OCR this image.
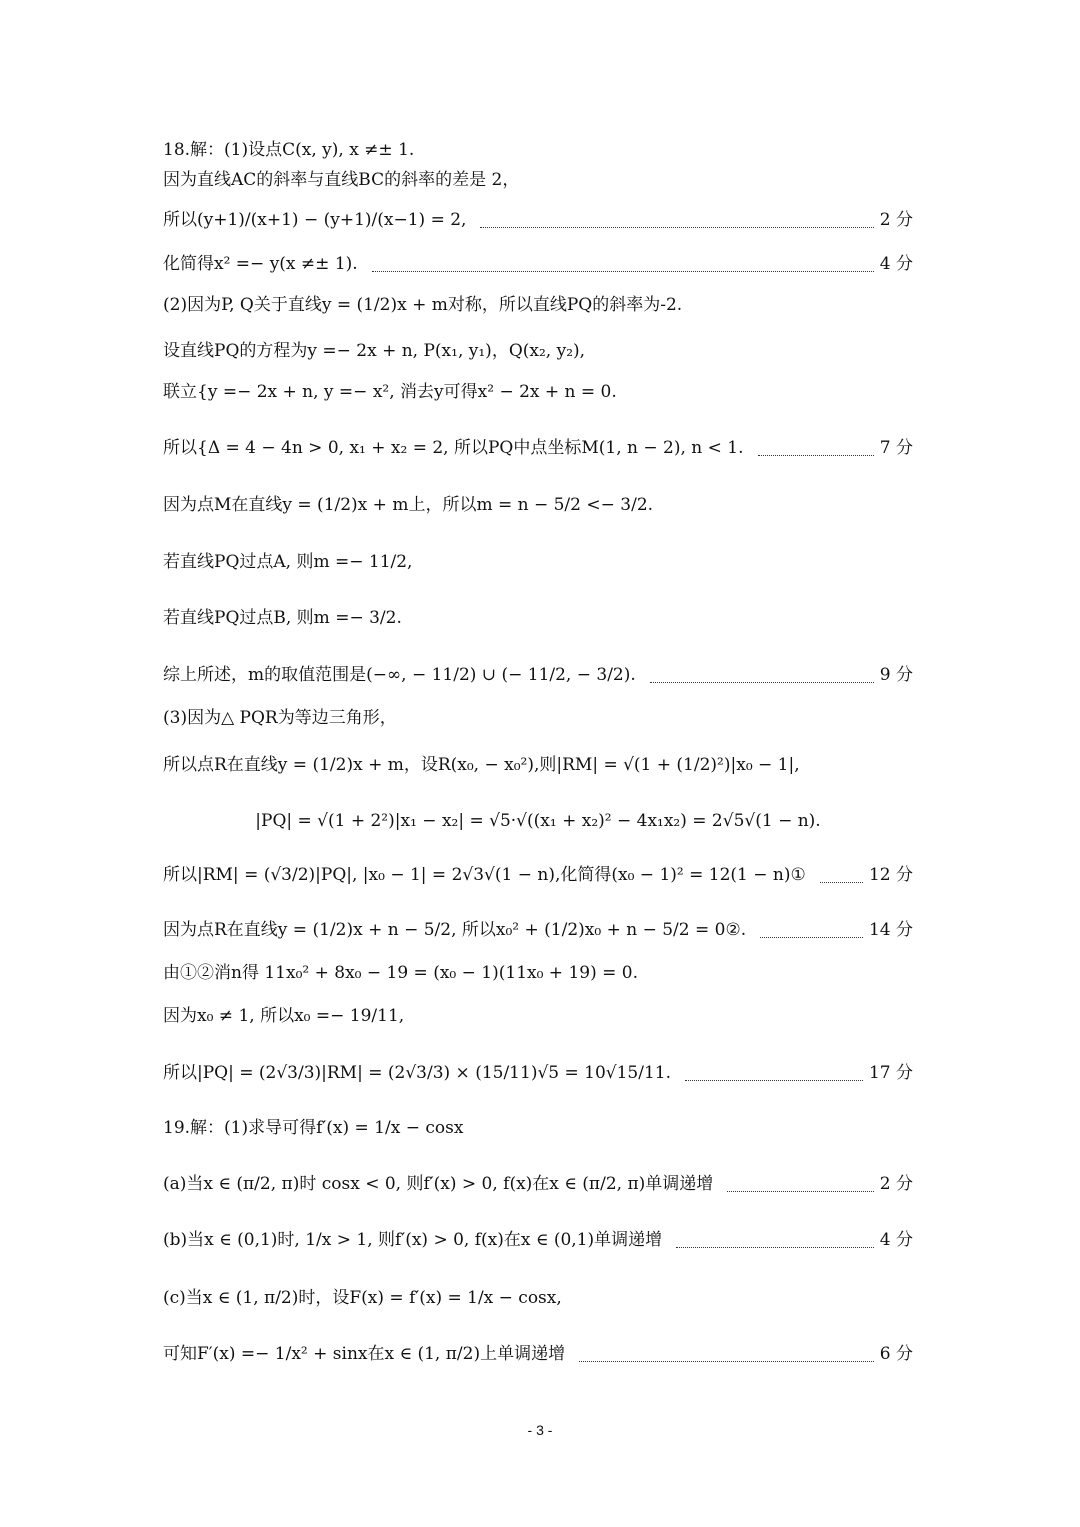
18.解：(1)设点C(x, y), x ≠± 1.
因为直线AC的斜率与直线BC的斜率的差是 2，
所以(y+1)/(x+1) − (y+1)/(x−1) = 2,	2 分
化简得x² =− y(x ≠± 1).	4 分
(2)因为P, Q关于直线y = (1/2)x + m对称，所以直线PQ的斜率为-2.
设直线PQ的方程为y =− 2x + n, P(x₁, y₁)，Q(x₂, y₂),
联立{y =− 2x + n, y =− x², 消去y可得x² − 2x + n = 0.
所以{Δ = 4 − 4n > 0, x₁ + x₂ = 2, 所以PQ中点坐标M(1, n − 2), n < 1.	7 分
因为点M在直线y = (1/2)x + m上，所以m = n − 5/2 <− 3/2.
若直线PQ过点A, 则m =− 11/2,
若直线PQ过点B, 则m =− 3/2.
综上所述，m的取值范围是(−∞, − 11/2) ∪ (− 11/2, − 3/2).	9 分
(3)因为△ PQR为等边三角形，
所以点R在直线y = (1/2)x + m，设R(x₀, − x₀²),则|RM| = √(1 + (1/2)²)|x₀ − 1|,
|PQ| = √(1 + 2²)|x₁ − x₂| = √5·√((x₁ + x₂)² − 4x₁x₂) = 2√5√(1 − n).
所以|RM| = (√3/2)|PQ|, |x₀ − 1| = 2√3√(1 − n),化简得(x₀ − 1)² = 12(1 − n)①	12 分
因为点R在直线y = (1/2)x + n − 5/2, 所以x₀² + (1/2)x₀ + n − 5/2 = 0②.	14 分
由①②消n得 11x₀² + 8x₀ − 19 = (x₀ − 1)(11x₀ + 19) = 0.
因为x₀ ≠ 1, 所以x₀ =− 19/11,
所以|PQ| = (2√3/3)|RM| = (2√3/3) × (15/11)√5 = 10√15/11.	17 分
19.解：(1)求导可得f′(x) = 1/x − cosx
(a)当x ∈ (π/2, π)时 cosx < 0, 则f′(x) > 0, f(x)在x ∈ (π/2, π)单调递增	2 分
(b)当x ∈ (0,1)时, 1/x > 1, 则f′(x) > 0, f(x)在x ∈ (0,1)单调递增	4 分
(c)当x ∈ (1, π/2)时，设F(x) = f′(x) = 1/x − cosx,
可知F′(x) =− 1/x² + sinx在x ∈ (1, π/2)上单调递增	6 分
- 3 -
